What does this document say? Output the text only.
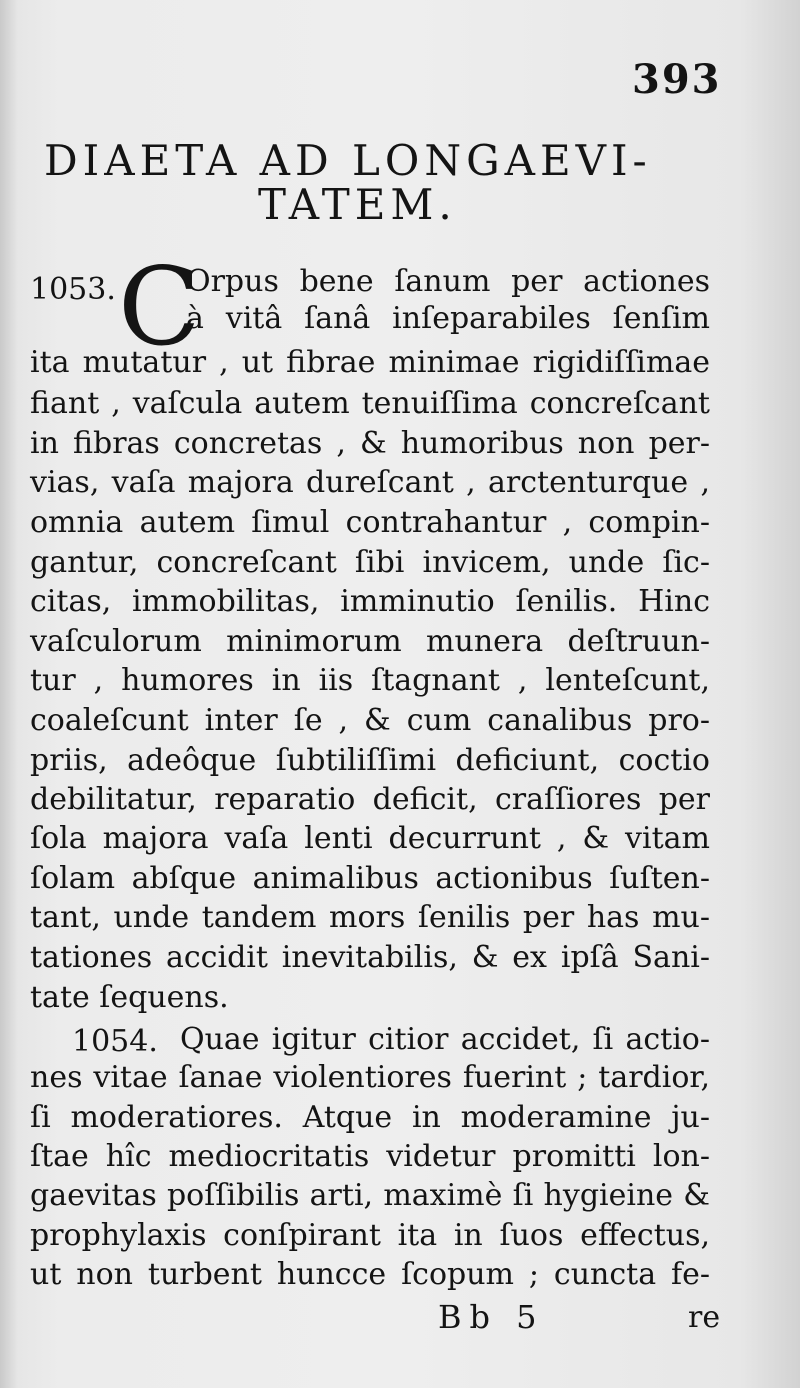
393
DIAETA AD LONGAEVI-
TATEM.
1053. C
Orpus bene ſanum per actiones
à vitâ ſanâ inſeparabiles ſenſim
ita mutatur , ut fibrae minimae rigidiſſimae
fiant , vaſcula autem tenuiſſima concreſcant
in fibras concretas , & humoribus non per-
vias, vaſa majora dureſcant , arctenturque ,
omnia autem ſimul contrahantur , compin-
gantur, concreſcant ſibi invicem, unde ſic-
citas, immobilitas, imminutio ſenilis. Hinc
vaſculorum minimorum munera deſtruun-
tur , humores in iis ſtagnant , lenteſcunt,
coaleſcunt inter ſe , & cum canalibus pro-
priis, adeôque ſubtiliſſimi deficiunt, coctio
debilitatur, reparatio deficit, craſſiores per
ſola majora vaſa lenti decurrunt , & vitam
ſolam abſque animalibus actionibus ſuſten-
tant, unde tandem mors ſenilis per has mu-
tationes accidit inevitabilis, & ex ipſâ Sani-
tate ſequens.
1054. Quae igitur citior accidet, ſi actio-
nes vitae ſanae violentiores fuerint ; tardior,
ſi moderatiores. Atque in moderamine ju-
ſtae hîc mediocritatis videtur promitti lon-
gaevitas poſſibilis arti, maximè ſi hygieine &
prophylaxis conſpirant ita in ſuos effectus,
ut non turbent huncce ſcopum ; cuncta fe-
Bb 5	re
